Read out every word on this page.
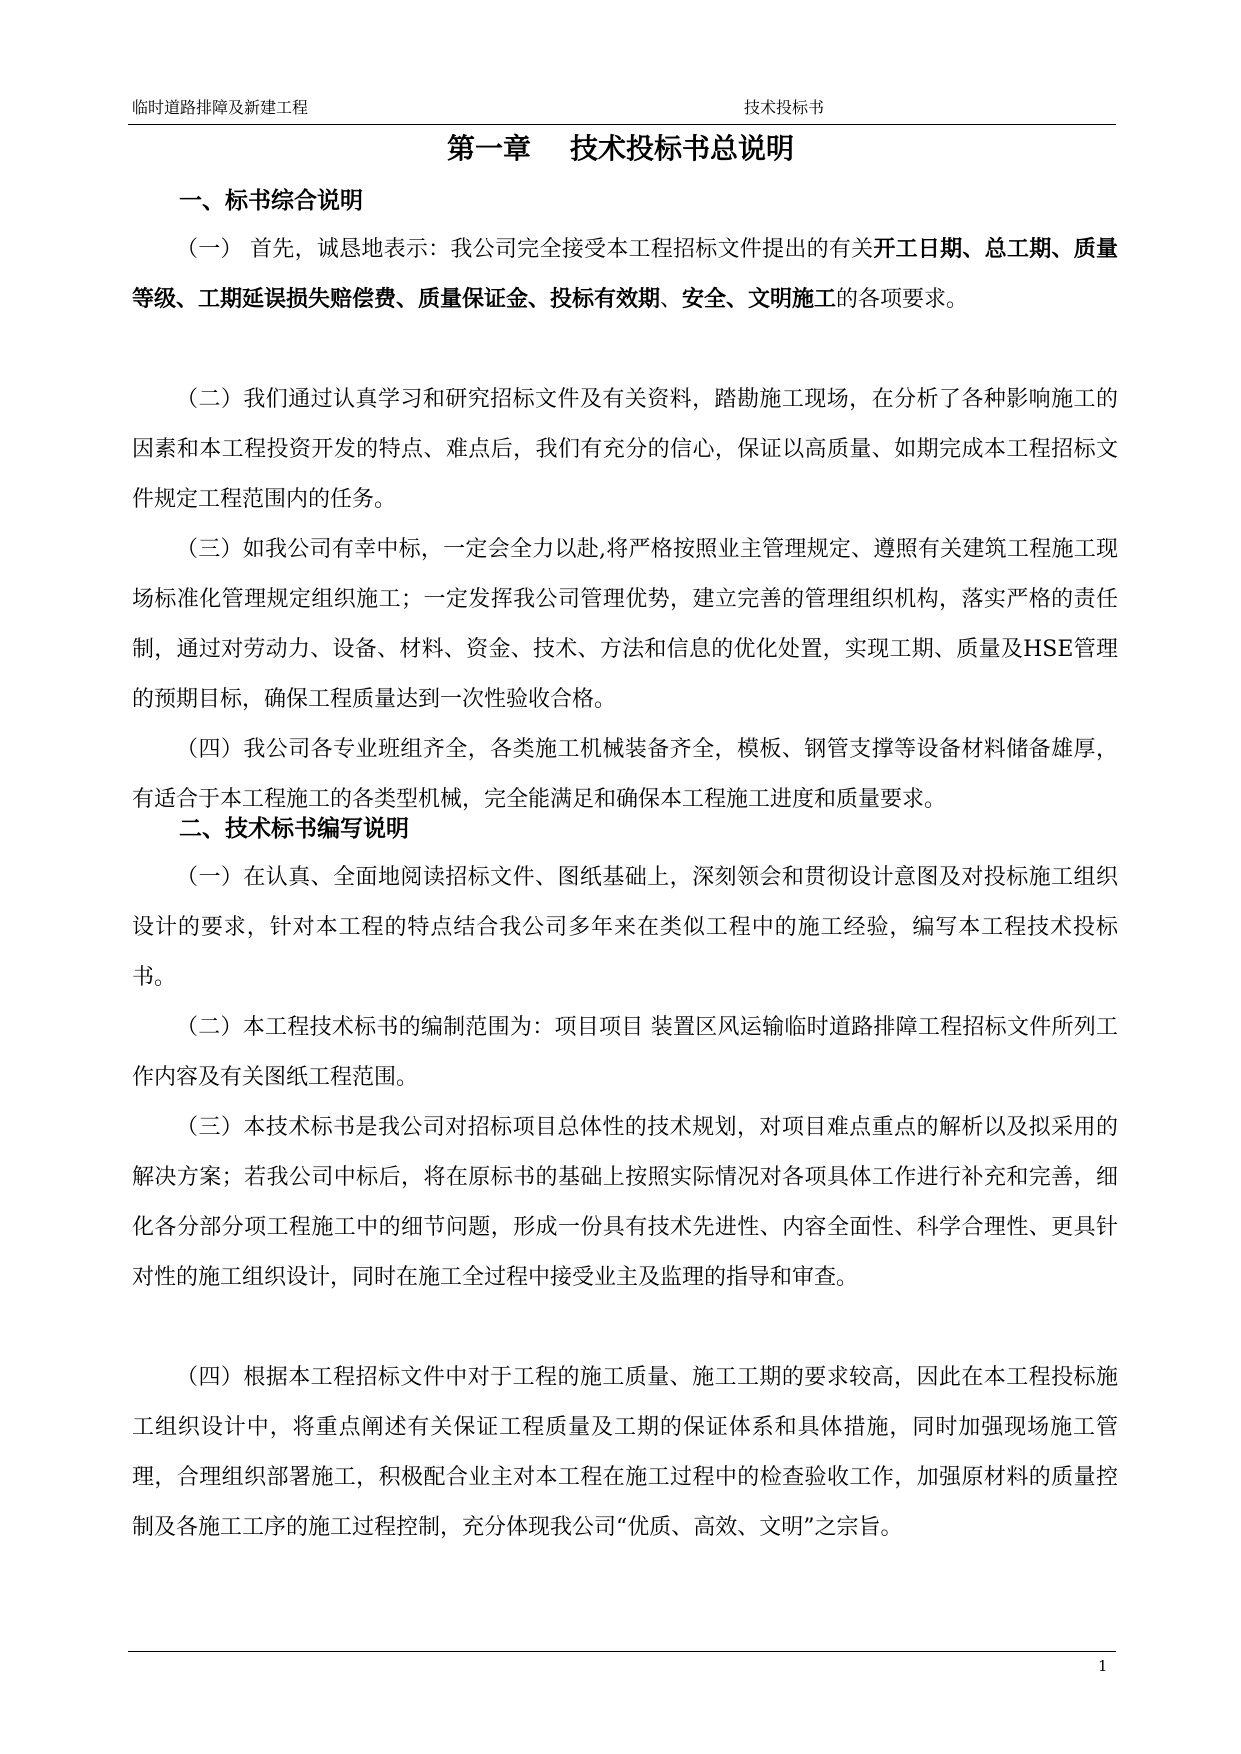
临时道路排障及新建工程	技术投标书
第一章    技术投标书总说明
一、标书综合说明

（一） 首先，诚恳地表示：我公司完全接受本工程招标文件提出的有关开工日期、总工期、质量等级、工期延误损失赔偿费、质量保证金、投标有效期、安全、文明施工的各项要求。

（二）我们通过认真学习和研究招标文件及有关资料，踏勘施工现场，在分析了各种影响施工的因素和本工程投资开发的特点、难点后，我们有充分的信心，保证以高质量、如期完成本工程招标文件规定工程范围内的任务。

（三）如我公司有幸中标，一定会全力以赴,将严格按照业主管理规定、遵照有关建筑工程施工现场标准化管理规定组织施工；一定发挥我公司管理优势，建立完善的管理组织机构，落实严格的责任制，通过对劳动力、设备、材料、资金、技术、方法和信息的优化处置，实现工期、质量及HSE管理的预期目标，确保工程质量达到一次性验收合格。

（四）我公司各专业班组齐全，各类施工机械装备齐全，模板、钢管支撑等设备材料储备雄厚，有适合于本工程施工的各类型机械，完全能满足和确保本工程施工进度和质量要求。

二、技术标书编写说明

（一）在认真、全面地阅读招标文件、图纸基础上，深刻领会和贯彻设计意图及对投标施工组织设计的要求，针对本工程的特点结合我公司多年来在类似工程中的施工经验，编写本工程技术投标书。

（二）本工程技术标书的编制范围为：项目项目 装置区风运输临时道路排障工程招标文件所列工作内容及有关图纸工程范围。

（三）本技术标书是我公司对招标项目总体性的技术规划，对项目难点重点的解析以及拟采用的解决方案；若我公司中标后，将在原标书的基础上按照实际情况对各项具体工作进行补充和完善，细化各分部分项工程施工中的细节问题，形成一份具有技术先进性、内容全面性、科学合理性、更具针对性的施工组织设计，同时在施工全过程中接受业主及监理的指导和审查。

（四）根据本工程招标文件中对于工程的施工质量、施工工期的要求较高，因此在本工程投标施工组织设计中，将重点阐述有关保证工程质量及工期的保证体系和具体措施，同时加强现场施工管理，合理组织部署施工，积极配合业主对本工程在施工过程中的检查验收工作，加强原材料的质量控制及各施工工序的施工过程控制，充分体现我公司“优质、高效、文明”之宗旨。

1
